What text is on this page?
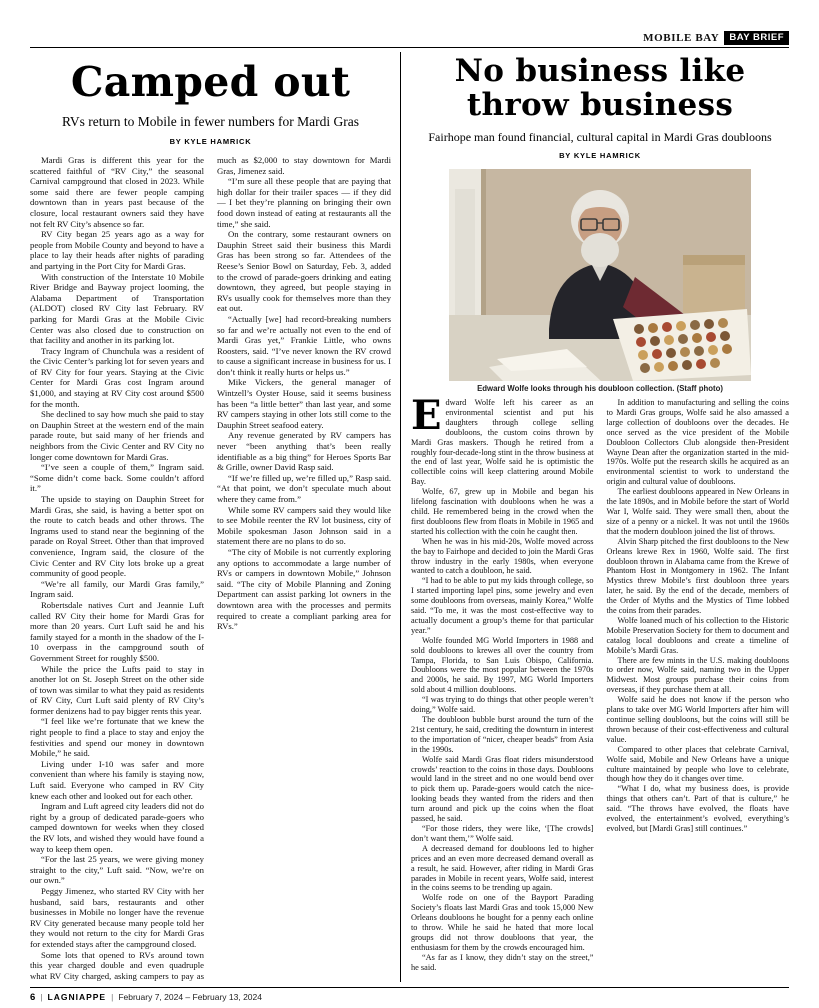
MOBILE BAY	BAY BRIEF
Camped out

RVs return to Mobile in fewer numbers for Mardi Gras

BY KYLE HAMRICK

Mardi Gras is different this year for the scattered faithful of “RV City,” the seasonal Carnival campground that closed in 2023. While some said there are fewer people camping downtown than in years past because of the closure, local restaurant owners said they have not felt RV City’s absence so far.

RV City began 25 years ago as a way for people from Mobile County and beyond to have a place to lay their heads after nights of parading and partying in the Port City for Mardi Gras.

With construction of the Interstate 10 Mobile River Bridge and Bayway project looming, the Alabama Department of Transportation (ALDOT) closed RV City last February. RV parking for Mardi Gras at the Mobile Civic Center was also closed due to construction on that facility and another in its parking lot.

Tracy Ingram of Chunchula was a resident of the Civic Center’s parking lot for seven years and of RV City for four years. Staying at the Civic Center for Mardi Gras cost Ingram around $1,000, and staying at RV City cost around $500 for the month.

She declined to say how much she paid to stay on Dauphin Street at the western end of the main parade route, but said many of her friends and neighbors from the Civic Center and RV City no longer come downtown for Mardi Gras.

“I’ve seen a couple of them,” Ingram said. “Some didn’t come back. Some couldn’t afford it.”

The upside to staying on Dauphin Street for Mardi Gras, she said, is having a better spot on the route to catch beads and other throws. The Ingrams used to stand near the beginning of the parade on Royal Street. Other than that improved convenience, Ingram said, the closure of the Civic Center and RV City lots broke up a great community of good people.

“We’re all family, our Mardi Gras family,” Ingram said.

Robertsdale natives Curt and Jeannie Luft called RV City their home for Mardi Gras for more than 20 years. Curt Luft said he and his family stayed for a month in the shadow of the I-10 overpass in the campground south of Government Street for roughly $500.

While the price the Lufts paid to stay in another lot on St. Joseph Street on the other side of town was similar to what they paid as residents of RV City, Curt Luft said plenty of RV City’s former denizens had to pay bigger rents this year.

“I feel like we’re fortunate that we knew the right people to find a place to stay and enjoy the festivities and spend our money in downtown Mobile,” he said.

Living under I-10 was safer and more convenient than where his family is staying now, Luft said. Everyone who camped in RV City knew each other and looked out for each other.

Ingram and Luft agreed city leaders did not do right by a group of dedicated parade-goers who camped downtown for weeks when they closed the RV lots, and wished they would have found a way to keep them open.

“For the last 25 years, we were giving money straight to the city,” Luft said. “Now, we’re on our own.”

Peggy Jimenez, who started RV City with her husband, said bars, restaurants and other businesses in Mobile no longer have the revenue RV City generated because many people told her they would not return to the city for Mardi Gras for extended stays after the campground closed.

Some lots that opened to RVs around town this year charged double and even quadruple what RV City charged, asking campers to pay as much as $2,000 to stay downtown for Mardi Gras, Jimenez said.

“I’m sure all these people that are paying that high dollar for their trailer spaces — if they did — I bet they’re planning on bringing their own food down instead of eating at restaurants all the time,” she said.

On the contrary, some restaurant owners on Dauphin Street said their business this Mardi Gras has been strong so far. Attendees of the Reese’s Senior Bowl on Saturday, Feb. 3, added to the crowd of parade-goers drinking and eating downtown, they agreed, but people staying in RVs usually cook for themselves more than they eat out.

“Actually [we] had record-breaking numbers so far and we’re actually not even to the end of Mardi Gras yet,” Frankie Little, who owns Roosters, said. “I’ve never known the RV crowd to cause a significant increase in business for us. I don’t think it really hurts or helps us.”

Mike Vickers, the general manager of Wintzell’s Oyster House, said it seems business has been “a little better” than last year, and some RV campers staying in other lots still come to the Dauphin Street seafood eatery.

Any revenue generated by RV campers has never “been anything that’s been really identifiable as a big thing” for Heroes Sports Bar & Grille, owner David Rasp said.

“If we’re filled up, we’re filled up,” Rasp said. “At that point, we don’t speculate much about where they came from.”

While some RV campers said they would like to see Mobile reenter the RV lot business, city of Mobile spokesman Jason Johnson said in a statement there are no plans to do so.

“The city of Mobile is not currently exploring any options to accommodate a large number of RVs or campers in downtown Mobile,” Johnson said. “The city of Mobile Planning and Zoning Department can assist parking lot owners in the downtown area with the processes and permits required to create a compliant parking area for RVs.”

No business like throw business

Fairhope man found financial, cultural capital in Mardi Gras doubloons

BY KYLE HAMRICK

Edward Wolfe looks through his doubloon collection. (Staff photo)

Edward Wolfe left his career as an environmental scientist and put his daughters through college selling doubloons, the custom coins thrown by Mardi Gras maskers. Though he retired from a roughly four-decade-long stint in the throw business at the end of last year, Wolfe said he is optimistic the collectible coins will keep clattering around Mobile Bay.

Wolfe, 67, grew up in Mobile and began his lifelong fascination with doubloons when he was a child. He remembered being in the crowd when the first doubloons flew from floats in Mobile in 1965 and started his collection with the coin he caught then.

When he was in his mid-20s, Wolfe moved across the bay to Fairhope and decided to join the Mardi Gras throw industry in the early 1980s, when everyone wanted to catch a doubloon, he said.

“I had to be able to put my kids through college, so I started importing lapel pins, some jewelry and even some doubloons from overseas, mainly Korea,” Wolfe said. “To me, it was the most cost-effective way to actually document a group’s theme for that particular year.”

Wolfe founded MG World Importers in 1988 and sold doubloons to krewes all over the country from Tampa, Florida, to San Luis Obispo, California. Doubloons were the most popular between the 1970s and 2000s, he said. By 1997, MG World Importers sold about 4 million doubloons.

“I was trying to do things that other people weren’t doing,” Wolfe said.

The doubloon bubble burst around the turn of the 21st century, he said, crediting the downturn in interest to the importation of “nicer, cheaper beads” from Asia in the 1990s.

Wolfe said Mardi Gras float riders misunderstood crowds’ reaction to the coins in those days. Doubloons would land in the street and no one would bend over to pick them up. Parade-goers would catch the nice-looking beads they wanted from the riders and then turn around and pick up the coins when the float passed, he said.

“For those riders, they were like, ‘[The crowds] don’t want them,’” Wolfe said.

A decreased demand for doubloons led to higher prices and an even more decreased demand overall as a result, he said. However, after riding in Mardi Gras parades in Mobile in recent years, Wolfe said, interest in the coins seems to be trending up again.

Wolfe rode on one of the Bayport Parading Society’s floats last Mardi Gras and took 15,000 New Orleans doubloons he bought for a penny each online to throw. While he said he hated that more local groups did not throw doubloons that year, the enthusiasm for them by the crowds encouraged him.

“As far as I know, they didn’t stay on the street,” he said.

In addition to manufacturing and selling the coins to Mardi Gras groups, Wolfe said he also amassed a large collection of doubloons over the decades. He once served as the vice president of the Mobile Doubloon Collectors Club alongside then-President Wayne Dean after the organization started in the mid-1970s. Wolfe put the research skills he acquired as an environmental scientist to work to understand the origin and cultural value of doubloons.

The earliest doubloons appeared in New Orleans in the late 1890s, and in Mobile before the start of World War I, Wolfe said. They were small then, about the size of a penny or a nickel. It was not until the 1960s that the modern doubloon joined the list of throws.

Alvin Sharp pitched the first doubloons to the New Orleans krewe Rex in 1960, Wolfe said. The first doubloon thrown in Alabama came from the Krewe of Phantom Host in Montgomery in 1962. The Infant Mystics threw Mobile’s first doubloon three years later, he said. By the end of the decade, members of the Order of Myths and the Mystics of Time lobbed the coins from their parades.

Wolfe loaned much of his collection to the Historic Mobile Preservation Society for them to document and catalog local doubloons and create a timeline of Mobile’s Mardi Gras.

There are few mints in the U.S. making doubloons to order now, Wolfe said, naming two in the Upper Midwest. Most groups purchase their coins from overseas, if they purchase them at all.

Wolfe said he does not know if the person who plans to take over MG World Importers after him will continue selling doubloons, but the coins will still be thrown because of their cost-effectiveness and cultural value.

Compared to other places that celebrate Carnival, Wolfe said, Mobile and New Orleans have a unique culture maintained by people who love to celebrate, though how they do it changes over time.

“What I do, what my business does, is provide things that others can’t. Part of that is culture,” he said. “The throws have evolved, the floats have evolved, the entertainment’s evolved, everything’s evolved, but [Mardi Gras] still continues.”

6 | LAGNIAPPE | February 7, 2024 – February 13, 2024
